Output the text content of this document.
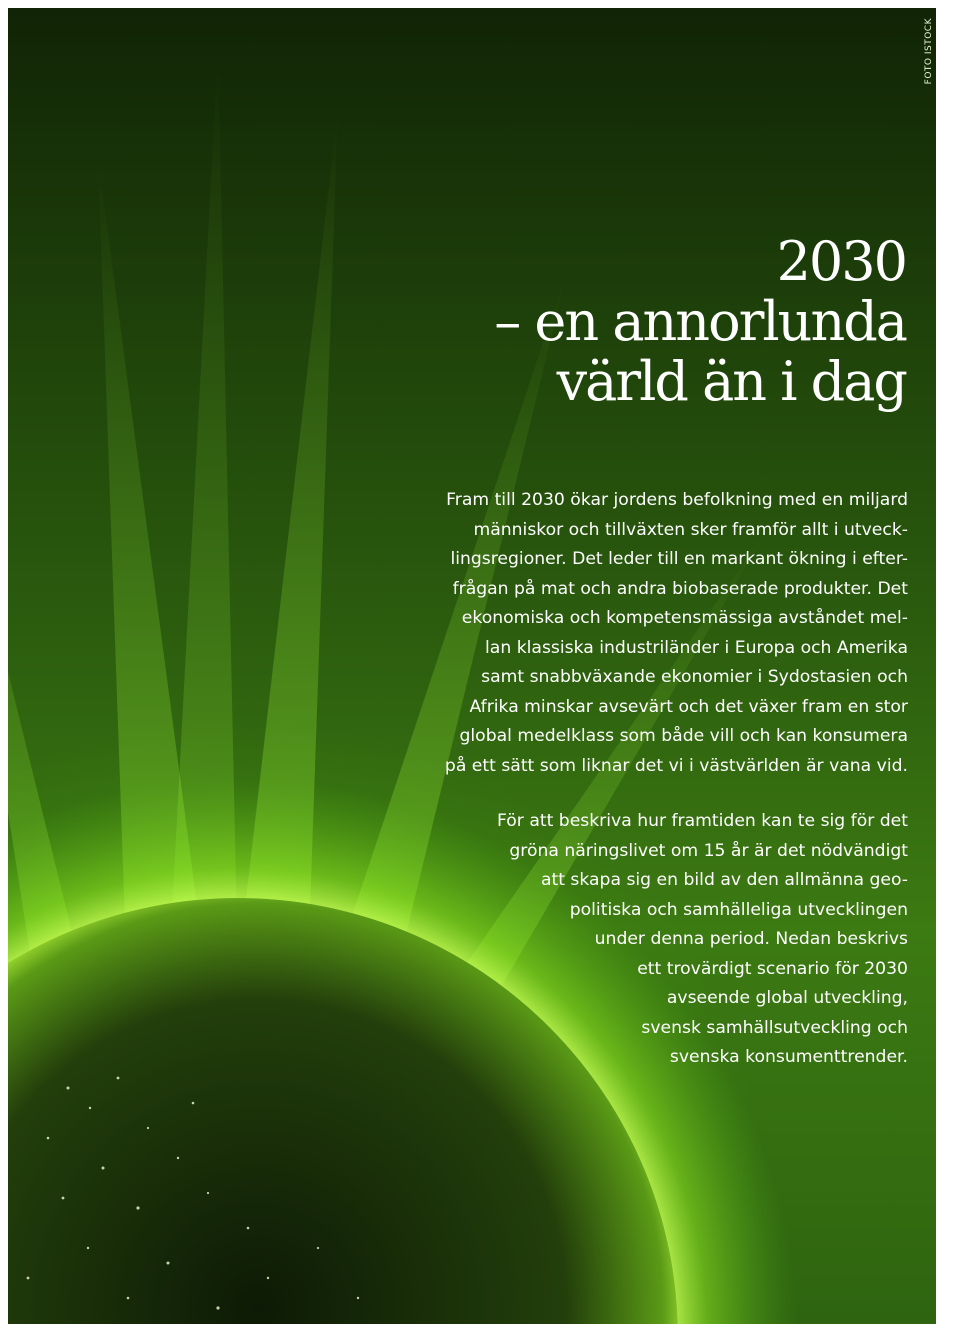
FOTO ISTOCK
2030
– en annorlunda
värld än i dag

Fram till 2030 ökar jordens befolkning med en miljard
människor och tillväxten sker framför allt i utveck-
lingsregioner. Det leder till en markant ökning i efter-
frågan på mat och andra biobaserade produkter. Det
ekonomiska och kompetensmässiga avståndet mel-
lan klassiska industriländer i Europa och Amerika
samt snabbväxande ekonomier i Sydostasien och
Afrika minskar avsevärt och det växer fram en stor
global medelklass som både vill och kan konsumera
på ett sätt som liknar det vi i västvärlden är vana vid.

För att beskriva hur framtiden kan te sig för det
gröna näringslivet om 15 år är det nödvändigt
att skapa sig en bild av den allmänna geo-
politiska och samhälleliga utvecklingen
under denna period. Nedan beskrivs
ett trovärdigt scenario för 2030
avseende global utveckling,
svensk samhällsutveckling och
svenska konsumenttrender.
